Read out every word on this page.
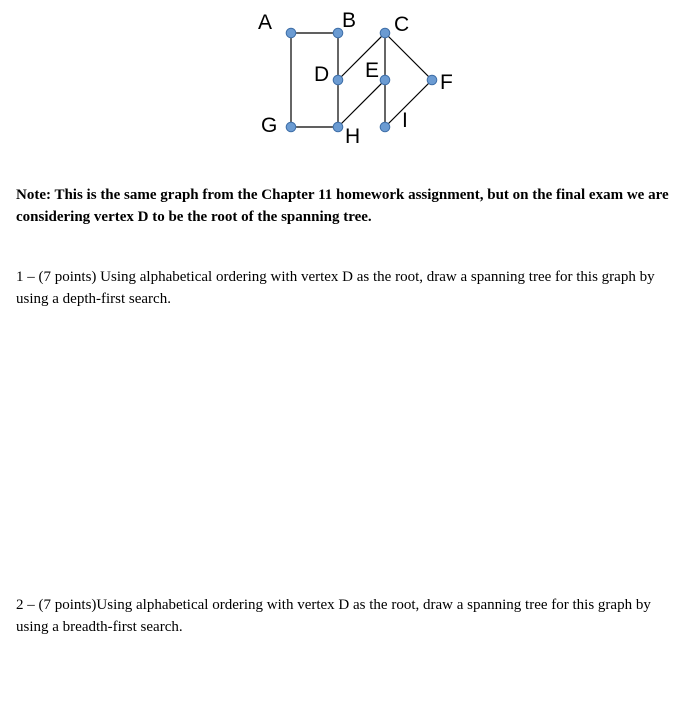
A	B C
D E
F
G	H
I

Note: This is the same graph from the Chapter 11 homework assignment, but on the final exam we are considering vertex D to be the root of the spanning tree.

1 – (7 points) Using alphabetical ordering with vertex D as the root, draw a spanning tree for this graph by using a depth-first search.

2 – (7 points)Using alphabetical ordering with vertex D as the root, draw a spanning tree for this graph by using a breadth-first search.
